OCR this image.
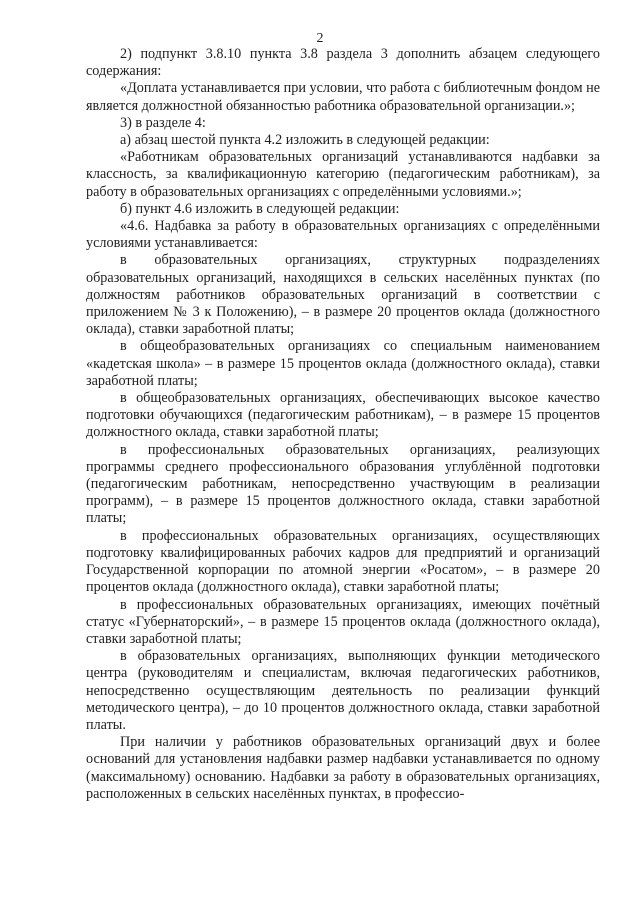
2

2) подпункт 3.8.10 пункта 3.8 раздела 3 дополнить абзацем следующего содержания:

«Доплата устанавливается при условии, что работа с библиотечным фондом не является должностной обязанностью работника образовательной организации.»;

3) в разделе 4:

а) абзац шестой пункта 4.2 изложить в следующей редакции:

«Работникам образовательных организаций устанавливаются надбавки за классность, за квалификационную категорию (педагогическим работникам), за работу в образовательных организациях с определёнными условиями.»;

б) пункт 4.6 изложить в следующей редакции:

«4.6. Надбавка за работу в образовательных организациях с определёнными условиями устанавливается:

в образовательных организациях, структурных подразделениях образовательных организаций, находящихся в сельских населённых пунктах (по должностям работников образовательных организаций в соответствии с приложением № 3 к Положению), – в размере 20 процентов оклада (должностного оклада), ставки заработной платы;

в общеобразовательных организациях со специальным наименованием «кадетская школа» – в размере 15 процентов оклада (должностного оклада), ставки заработной платы;

в общеобразовательных организациях, обеспечивающих высокое качество подготовки обучающихся (педагогическим работникам), – в размере 15 процентов должностного оклада, ставки заработной платы;

в профессиональных образовательных организациях, реализующих программы среднего профессионального образования углублённой подготовки (педагогическим работникам, непосредственно участвующим в реализации программ), – в размере 15 процентов должностного оклада, ставки заработной платы;

в профессиональных образовательных организациях, осуществляющих подготовку квалифицированных рабочих кадров для предприятий и организаций Государственной корпорации по атомной энергии «Росатом», – в размере 20 процентов оклада (должностного оклада), ставки заработной платы;

в профессиональных образовательных организациях, имеющих почётный статус «Губернаторский», – в размере 15 процентов оклада (должностного оклада), ставки заработной платы;

в образовательных организациях, выполняющих функции методического центра (руководителям и специалистам, включая педагогических работников, непосредственно осуществляющим деятельность по реализации функций методического центра), – до 10 процентов должностного оклада, ставки заработной платы.

При наличии у работников образовательных организаций двух и более оснований для установления надбавки размер надбавки устанавливается по одному (максимальному) основанию. Надбавки за работу в образовательных организациях, расположенных в сельских населённых пунктах, в профессио-
